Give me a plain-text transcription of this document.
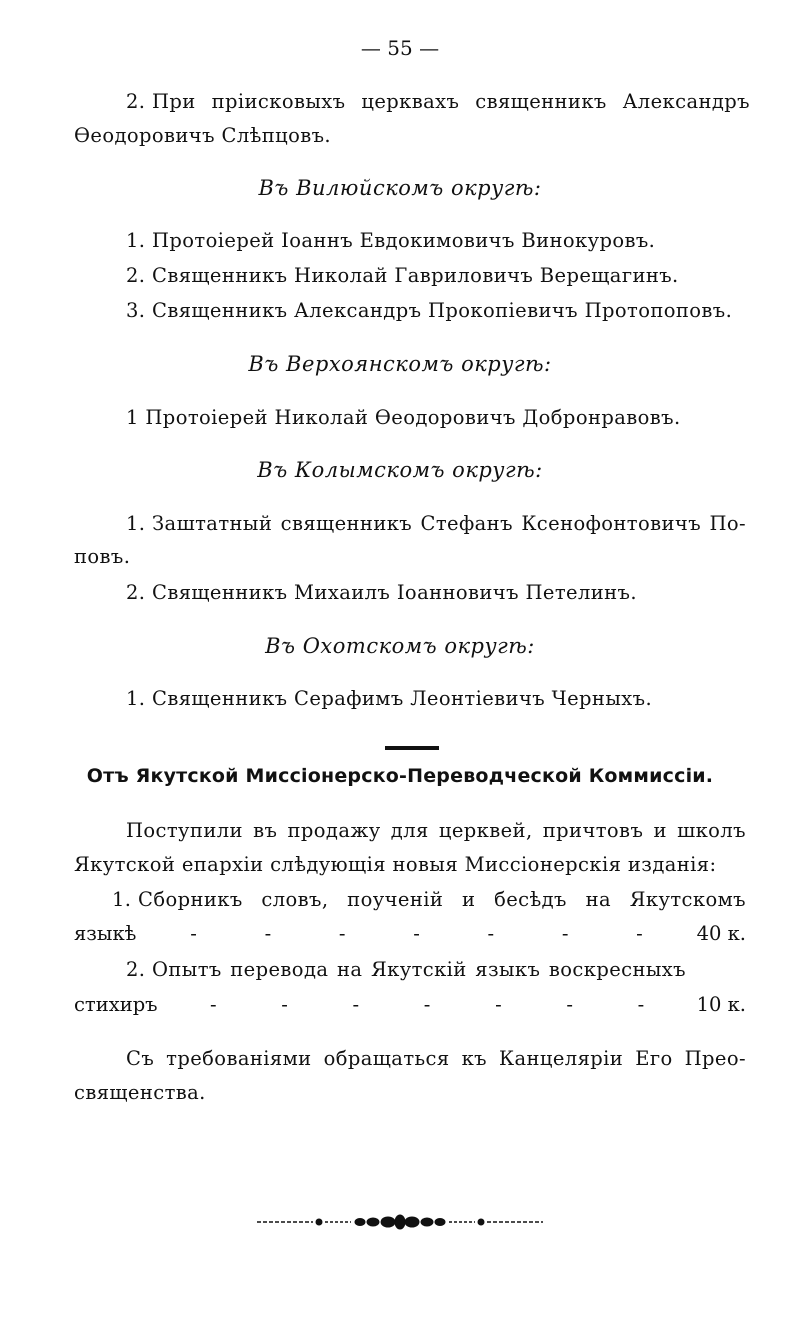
— 55 —
2. При пріисковыхъ церквахъ священникъ Александръ
Өеодоровичъ Слѣпцовъ.
Въ Вилюйскомъ округѣ:
1. Протоіерей Іоаннъ Евдокимовичъ Винокуровъ.
2. Священникъ Николай Гавриловичъ Верещагинъ.
3. Священникъ Александръ Прокопіевичъ Протопоповъ.
Въ Верхоянскомъ округѣ:
1 Протоіерей Николай Өеодоровичъ Добронравовъ.
Въ Колымскомъ округѣ:
1. Заштатный священникъ Стефанъ Ксенофонтовичъ По-
повъ.
2. Священникъ Михаилъ Іоанновичъ Петелинъ.
Въ Охотскомъ округѣ:
1. Священникъ Серафимъ Леонтіевичъ Черныхъ.
Отъ Якутской Миссіонерско-Переводческой Коммиссіи.
Поступили въ продажу для церквей, причтовъ и школъ
Якутской епархіи слѣдующія новыя Миссіонерскія изданія:
1. Сборникъ словъ, поученій и бесѣдъ на Якутскомъ
языкѣ	-	-	-	-	-	-	-	40 к.
2. Опытъ перевода на Якутскій языкъ воскресныхъ
стихиръ	-	-	-	-	-	-	-	10 к.
Съ требованіями обращаться къ Канцеляріи Его Прео-
священства.
